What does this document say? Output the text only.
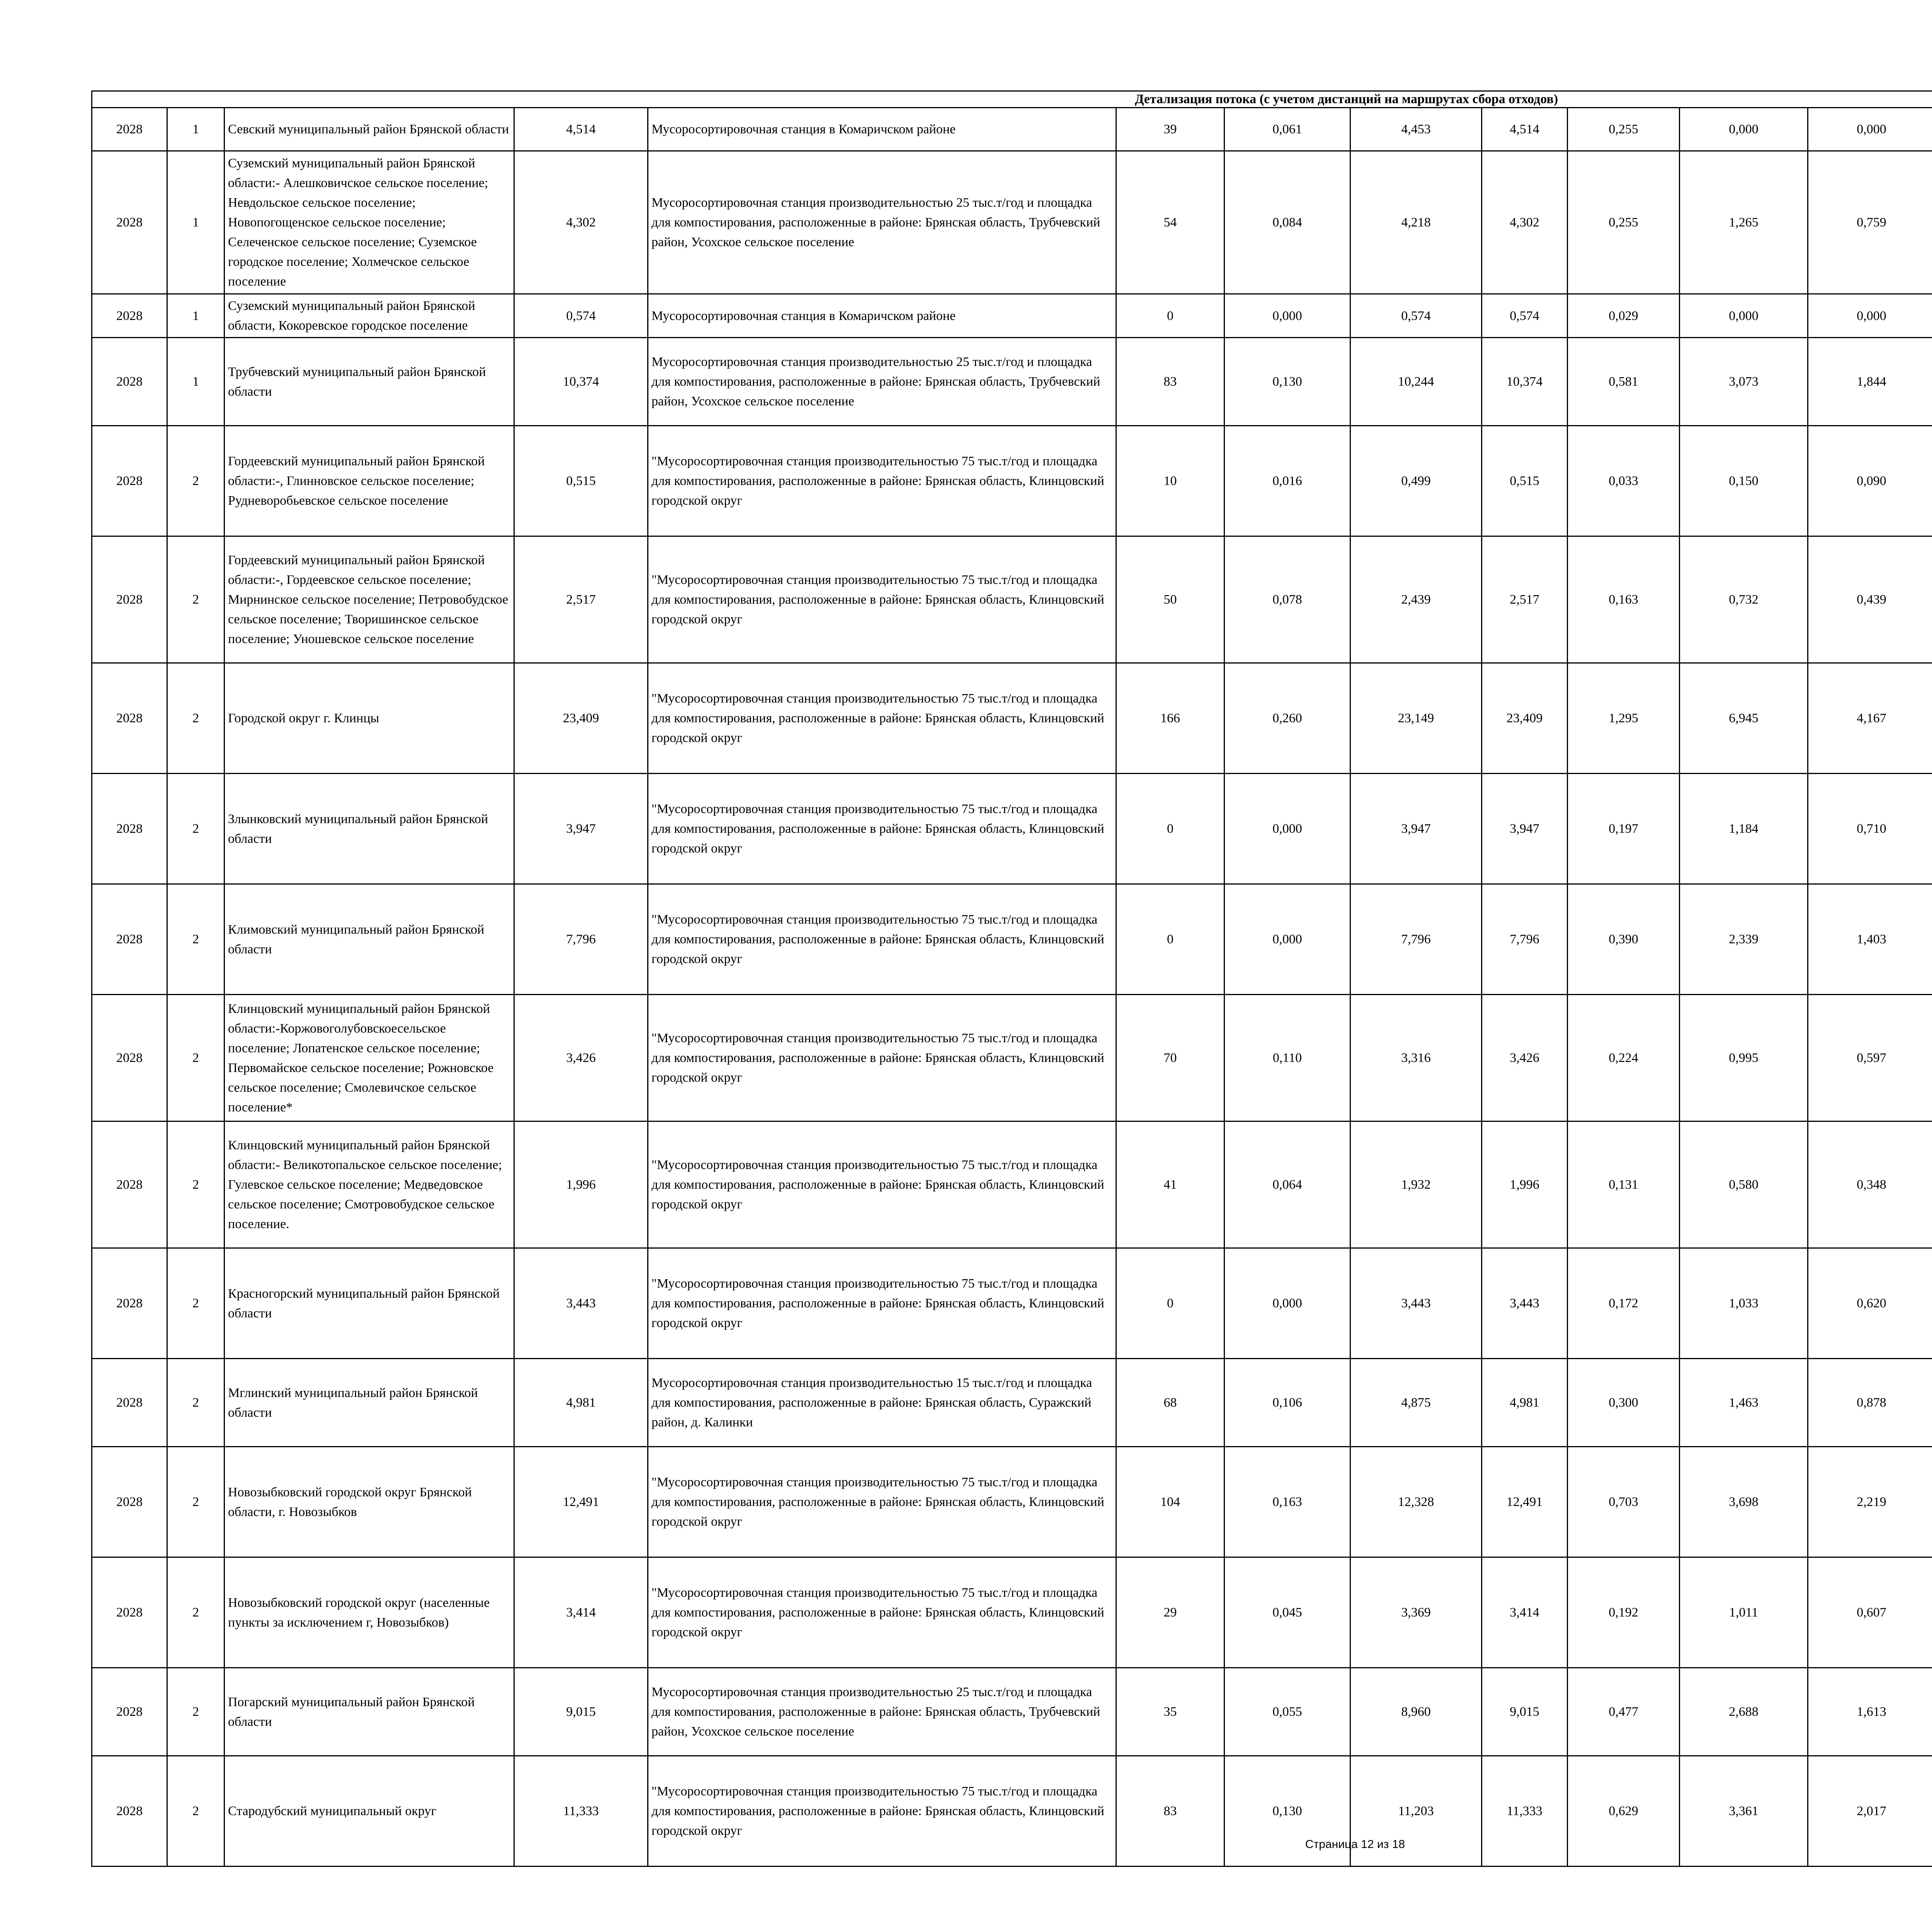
Детализация потока (с учетом дистанций на маршрутах сбора отходов)																
2028	1	Севский муниципальный район Брянской области	4,514	Мусоросортировочная станция в Комаричском районе	39	0,061	4,453	4,514	0,255	0,000	0,000					
2028	1	Суземский муниципальный район Брянской области:- Алешковичское сельское поселение; Невдольское сельское поселение; Новопогощенское сельское поселение; Селеченское сельское поселение; Суземское городское поселение; Холмечское сельское поселение	4,302	Мусоросортировочная станция производительностью 25 тыс.т/год и площадка для компостирования, расположенные в районе: Брянская область, Трубчевский район, Усохское сельское поселение	54	0,084	4,218	4,302	0,255	1,265	0,759					
2028	1	Суземский муниципальный район Брянской области, Кокоревское городское поселение	0,574	Мусоросортировочная станция в Комаричском районе	0	0,000	0,574	0,574	0,029	0,000	0,000					
2028	1	Трубчевский муниципальный район Брянской области	10,374	Мусоросортировочная станция производительностью 25 тыс.т/год и площадка для компостирования, расположенные в районе: Брянская область, Трубчевский район, Усохское сельское поселение	83	0,130	10,244	10,374	0,581	3,073	1,844					
2028	2	Гордеевский муниципальный район Брянской области:-, Глинновское сельское поселение; Рудневоробьевское сельское поселение	0,515	"Мусоросортировочная станция производительностью 75 тыс.т/год и площадка для компостирования, расположенные в районе: Брянская область, Клинцовский городской округ	10	0,016	0,499	0,515	0,033	0,150	0,090					
2028	2	Гордеевский муниципальный район Брянской области:-, Гордеевское сельское поселение; Мирнинское сельское поселение; Петровобудское сельское поселение; Творишинское сельское поселение; Уношевское сельское поселение	2,517	"Мусоросортировочная станция производительностью 75 тыс.т/год и площадка для компостирования, расположенные в районе: Брянская область, Клинцовский городской округ	50	0,078	2,439	2,517	0,163	0,732	0,439					
2028	2	Городской округ г. Клинцы	23,409	"Мусоросортировочная станция производительностью 75 тыс.т/год и площадка для компостирования, расположенные в районе: Брянская область, Клинцовский городской округ	166	0,260	23,149	23,409	1,295	6,945	4,167					
2028	2	Злынковский муниципальный район Брянской области	3,947	"Мусоросортировочная станция производительностью 75 тыс.т/год и площадка для компостирования, расположенные в районе: Брянская область, Клинцовский городской округ	0	0,000	3,947	3,947	0,197	1,184	0,710					
2028	2	Климовский муниципальный район Брянской области	7,796	"Мусоросортировочная станция производительностью 75 тыс.т/год и площадка для компостирования, расположенные в районе: Брянская область, Клинцовский городской округ	0	0,000	7,796	7,796	0,390	2,339	1,403					
2028	2	Клинцовский муниципальный район Брянской области:-Коржовоголубовскоесельское поселение; Лопатенское сельское поселение; Первомайское сельское поселение; Рожновское сельское поселение; Смолевичское сельское поселение*	3,426	"Мусоросортировочная станция производительностью 75 тыс.т/год и площадка для компостирования, расположенные в районе: Брянская область, Клинцовский городской округ	70	0,110	3,316	3,426	0,224	0,995	0,597					
2028	2	Клинцовский муниципальный район Брянской области:- Великотопальское сельское поселение; Гулевское сельское поселение; Медведовское сельское поселение; Смотровобудское сельское поселение.	1,996	"Мусоросортировочная станция производительностью 75 тыс.т/год и площадка для компостирования, расположенные в районе: Брянская область, Клинцовский городской округ	41	0,064	1,932	1,996	0,131	0,580	0,348					
2028	2	Красногорский муниципальный район Брянской области	3,443	"Мусоросортировочная станция производительностью 75 тыс.т/год и площадка для компостирования, расположенные в районе: Брянская область, Клинцовский городской округ	0	0,000	3,443	3,443	0,172	1,033	0,620					
2028	2	Мглинский муниципальный район Брянской области	4,981	Мусоросортировочная станция производительностью 15 тыс.т/год и площадка для компостирования, расположенные в районе: Брянская область, Суражский район, д. Калинки	68	0,106	4,875	4,981	0,300	1,463	0,878					
2028	2	Новозыбковский городской округ Брянской области, г. Новозыбков	12,491	"Мусоросортировочная станция производительностью 75 тыс.т/год и площадка для компостирования, расположенные в районе: Брянская область, Клинцовский городской округ	104	0,163	12,328	12,491	0,703	3,698	2,219					
2028	2	Новозыбковский городской округ (населенные пункты за исключением г, Новозыбков)	3,414	"Мусоросортировочная станция производительностью 75 тыс.т/год и площадка для компостирования, расположенные в районе: Брянская область, Клинцовский городской округ	29	0,045	3,369	3,414	0,192	1,011	0,607					
2028	2	Погарский муниципальный район Брянской области	9,015	Мусоросортировочная станция производительностью 25 тыс.т/год и площадка для компостирования, расположенные в районе: Брянская область, Трубчевский район, Усохское сельское поселение	35	0,055	8,960	9,015	0,477	2,688	1,613					
2028	2	Стародубский муниципальный округ	11,333	"Мусоросортировочная станция производительностью 75 тыс.т/год и площадка для компостирования, расположенные в районе: Брянская область, Клинцовский городской округ	83	0,130	11,203	11,333	0,629	3,361	2,017					
Страница 12 из 18
